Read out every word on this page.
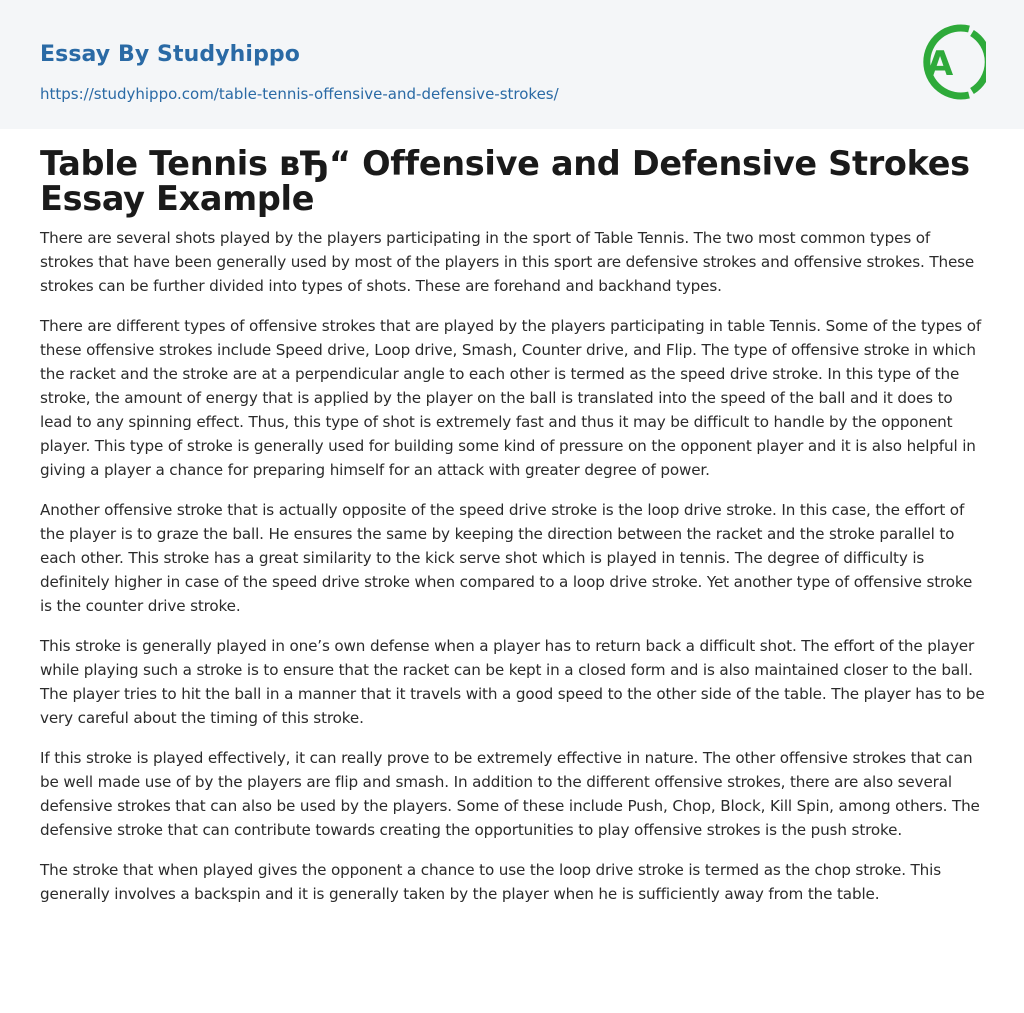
Essay By Studyhippo
https://studyhippo.com/table-tennis-offensive-and-defensive-strokes/
A
Table Tennis вЂ“ Offensive and Defensive Strokes Essay Example

There are several shots played by the players participating in the sport of Table Tennis. The two most common types of strokes that have been generally used by most of the players in this sport are defensive strokes and offensive strokes. These strokes can be further divided into types of shots. These are forehand and backhand types.

There are different types of offensive strokes that are played by the players participating in table Tennis. Some of the types of these offensive strokes include Speed drive, Loop drive, Smash, Counter drive, and Flip. The type of offensive stroke in which the racket and the stroke are at a perpendicular angle to each other is termed as the speed drive stroke. In this type of the stroke, the amount of energy that is applied by the player on the ball is translated into the speed of the ball and it does to lead to any spinning effect. Thus, this type of shot is extremely fast and thus it may be difficult to handle by the opponent player. This type of stroke is generally used for building some kind of pressure on the opponent player and it is also helpful in giving a player a chance for preparing himself for an attack with greater degree of power.

Another offensive stroke that is actually opposite of the speed drive stroke is the loop drive stroke. In this case, the effort of the player is to graze the ball. He ensures the same by keeping the direction between the racket and the stroke parallel to each other. This stroke has a great similarity to the kick serve shot which is played in tennis. The degree of difficulty is definitely higher in case of the speed drive stroke when compared to a loop drive stroke. Yet another type of offensive stroke is the counter drive stroke.

This stroke is generally played in one’s own defense when a player has to return back a difficult shot. The effort of the player while playing such a stroke is to ensure that the racket can be kept in a closed form and is also maintained closer to the ball. The player tries to hit the ball in a manner that it travels with a good speed to the other side of the table. The player has to be very careful about the timing of this stroke.

If this stroke is played effectively, it can really prove to be extremely effective in nature. The other offensive strokes that can be well made use of by the players are flip and smash. In addition to the different offensive strokes, there are also several defensive strokes that can also be used by the players. Some of these include Push, Chop, Block, Kill Spin, among others. The defensive stroke that can contribute towards creating the opportunities to play offensive strokes is the push stroke.

The stroke that when played gives the opponent a chance to use the loop drive stroke is termed as the chop stroke. This generally involves a backspin and it is generally taken by the player when he is sufficiently away from the table.
